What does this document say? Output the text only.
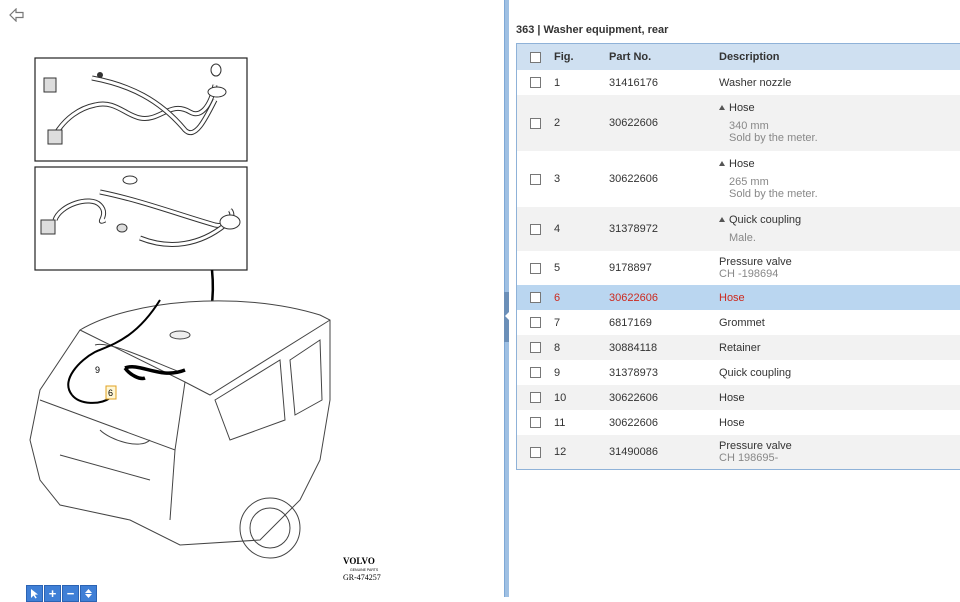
9
6
VOLVO
GENUINE PARTS
GR-474257
+ −
363 | Washer equipment, rear
Fig.	Part No.	Description
1	31416176	Washer nozzle
2	30622606
Hose
340 mm
Sold by the meter.
3	30622606
Hose
265 mm
Sold by the meter.
4	31378972
Quick coupling
Male.
5	9178897	Pressure valve
CH -198694
6	30622606	Hose
7	6817169	Grommet
8	30884118	Retainer
9	31378973	Quick coupling
10	30622606	Hose
11	30622606	Hose
12	31490086	Pressure valve
CH 198695-
